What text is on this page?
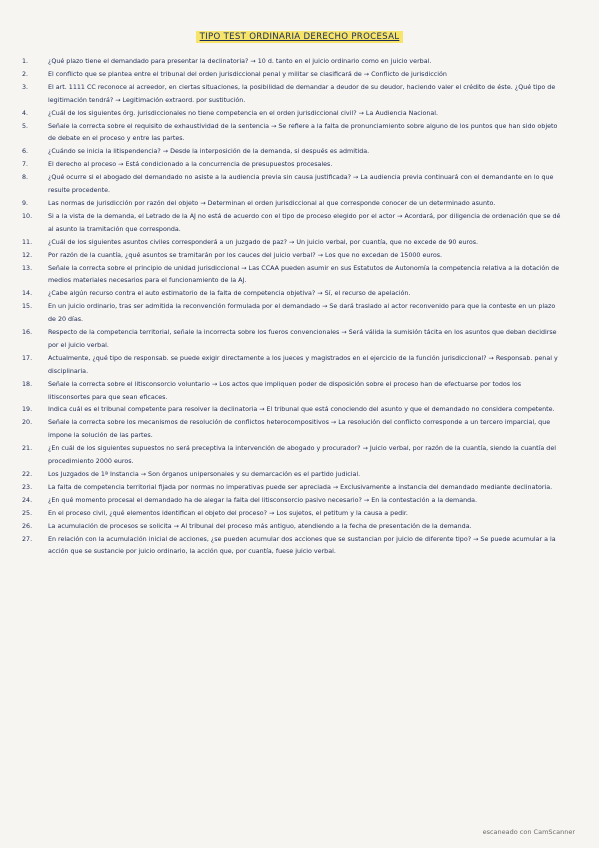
TIPO TEST ORDINARIA DERECHO PROCESAL
1.	¿Qué plazo tiene el demandado para presentar la declinatoria? → 10 d. tanto en el juicio ordinario como en juicio verbal.
2.	El conflicto que se plantea entre el tribunal del orden jurisdiccional penal y militar se clasificará de → Conflicto de jurisdicción
3.	El art. 1111 CC reconoce al acreedor, en ciertas situaciones, la posibilidad de demandar a deudor de su deudor, haciendo valer el crédito de éste. ¿Qué tipo de legitimación tendrá? → Legitimación extraord. por sustitución.
4.	¿Cuál de los siguientes órg. jurisdiccionales no tiene competencia en el orden jurisdiccional civil? → La Audiencia Nacional.
5.	Señale la correcta sobre el requisito de exhaustividad de la sentencia → Se refiere a la falta de pronunciamiento sobre alguno de los puntos que han sido objeto de debate en el proceso y entre las partes.
6.	¿Cuándo se inicia la litispendencia? → Desde la interposición de la demanda, si después es admitida.
7.	El derecho al proceso → Está condicionado a la concurrencia de presupuestos procesales.
8.	¿Qué ocurre si el abogado del demandado no asiste a la audiencia previa sin causa justificada? → La audiencia previa continuará con el demandante en lo que resulte procedente.
9.	Las normas de jurisdicción por razón del objeto → Determinan el orden jurisdiccional al que corresponde conocer de un determinado asunto.
10.	Si a la vista de la demanda, el Letrado de la AJ no está de acuerdo con el tipo de proceso elegido por el actor → Acordará, por diligencia de ordenación que se dé al asunto la tramitación que corresponda.
11.	¿Cuál de los siguientes asuntos civiles corresponderá a un juzgado de paz? → Un juicio verbal, por cuantía, que no excede de 90 euros.
12.	Por razón de la cuantía, ¿qué asuntos se tramitarán por los cauces del juicio verbal? → Los que no excedan de 15000 euros.
13.	Señale la correcta sobre el principio de unidad jurisdiccional → Las CCAA pueden asumir en sus Estatutos de Autonomía la competencia relativa a la dotación de medios materiales necesarios para el funcionamiento de la AJ.
14.	¿Cabe algún recurso contra el auto estimatorio de la falta de competencia objetiva? → Sí, el recurso de apelación.
15.	En un juicio ordinario, tras ser admitida la reconvención formulada por el demandado → Se dará traslado al actor reconvenido para que la conteste en un plazo de 20 días.
16.	Respecto de la competencia territorial, señale la incorrecta sobre los fueros convencionales → Será válida la sumisión tácita en los asuntos que deban decidirse por el juicio verbal.
17.	Actualmente, ¿qué tipo de responsab. se puede exigir directamente a los jueces y magistrados en el ejercicio de la función jurisdiccional? → Responsab. penal y disciplinaria.
18.	Señale la correcta sobre el litisconsorcio voluntario → Los actos que impliquen poder de disposición sobre el proceso han de efectuarse por todos los litisconsortes para que sean eficaces.
19.	Indica cuál es el tribunal competente para resolver la declinatoria → El tribunal que está conociendo del asunto y que el demandado no considera competente.
20.	Señale la correcta sobre los mecanismos de resolución de conflictos heterocompositivos → La resolución del conflicto corresponde a un tercero imparcial, que impone la solución de las partes.
21.	¿En cuál de los siguientes supuestos no será preceptiva la intervención de abogado y procurador? → Juicio verbal, por razón de la cuantía, siendo la cuantía del procedimiento 2000 euros.
22.	Los Juzgados de 1ª Instancia → Son órganos unipersonales y su demarcación es el partido judicial.
23.	La falta de competencia territorial fijada por normas no imperativas puede ser apreciada → Exclusivamente a instancia del demandado mediante declinatoria.
24.	¿En qué momento procesal el demandado ha de alegar la falta del litisconsorcio pasivo necesario? → En la contestación a la demanda.
25.	En el proceso civil, ¿qué elementos identifican el objeto del proceso? → Los sujetos, el petitum y la causa a pedir.
26.	La acumulación de procesos se solicita → Al tribunal del proceso más antiguo, atendiendo a la fecha de presentación de la demanda.
27.	En relación con la acumulación inicial de acciones, ¿se pueden acumular dos acciones que se sustancian por juicio de diferente tipo? → Se puede acumular a la acción que se sustancie por juicio ordinario, la acción que, por cuantía, fuese juicio verbal.
escaneado con CamScanner
